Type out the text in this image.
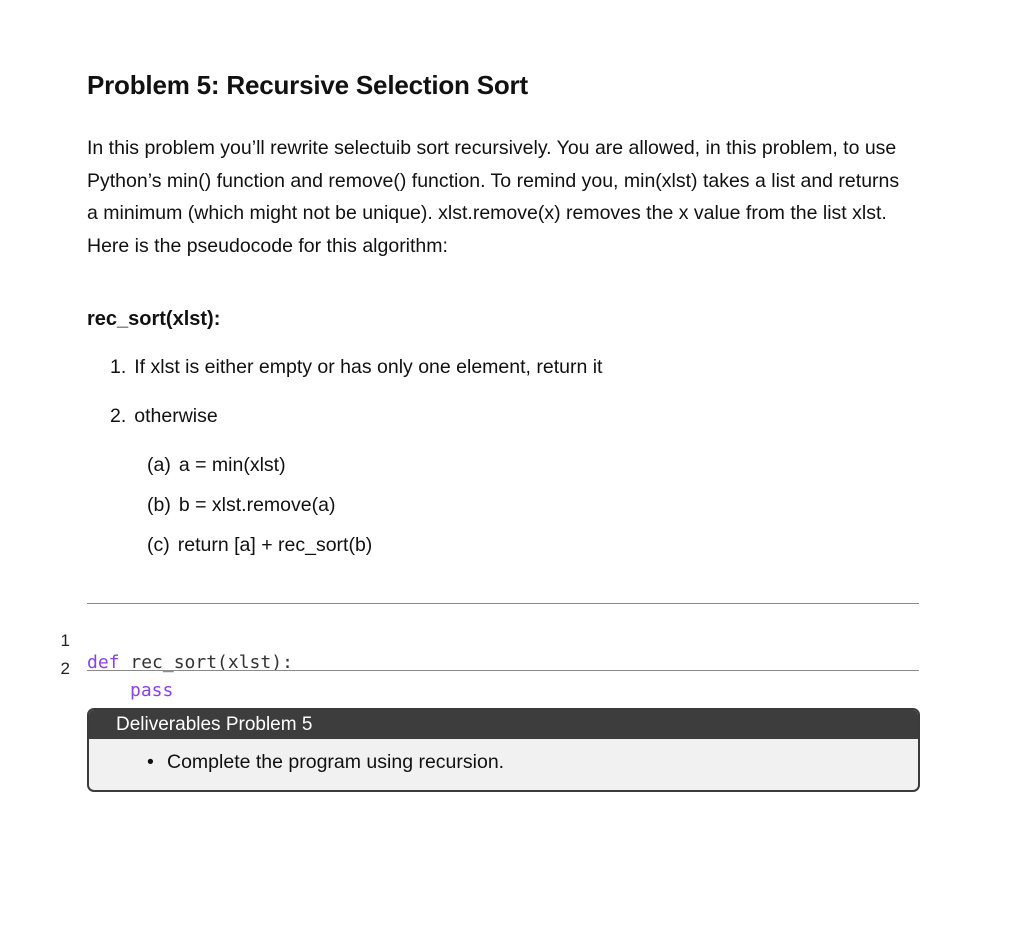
Problem 5: Recursive Selection Sort
In this problem you’ll rewrite selectuib sort recursively. You are allowed, in this problem, to use
Python’s min() function and remove() function. To remind you, min(xlst) takes a list and returns
a minimum (which might not be unique). xlst.remove(x) removes the x value from the list xlst.
Here is the pseudocode for this algorithm:
rec_sort(xlst):
1. If xlst is either empty or has only one element, return it
2. otherwise
(a) a = min(xlst)
(b) b = xlst.remove(a)
(c) return [a] + rec_sort(b)

1

def rec_sort(xlst):

2

pass

Deliverables Problem 5
• Complete the program using recursion.
